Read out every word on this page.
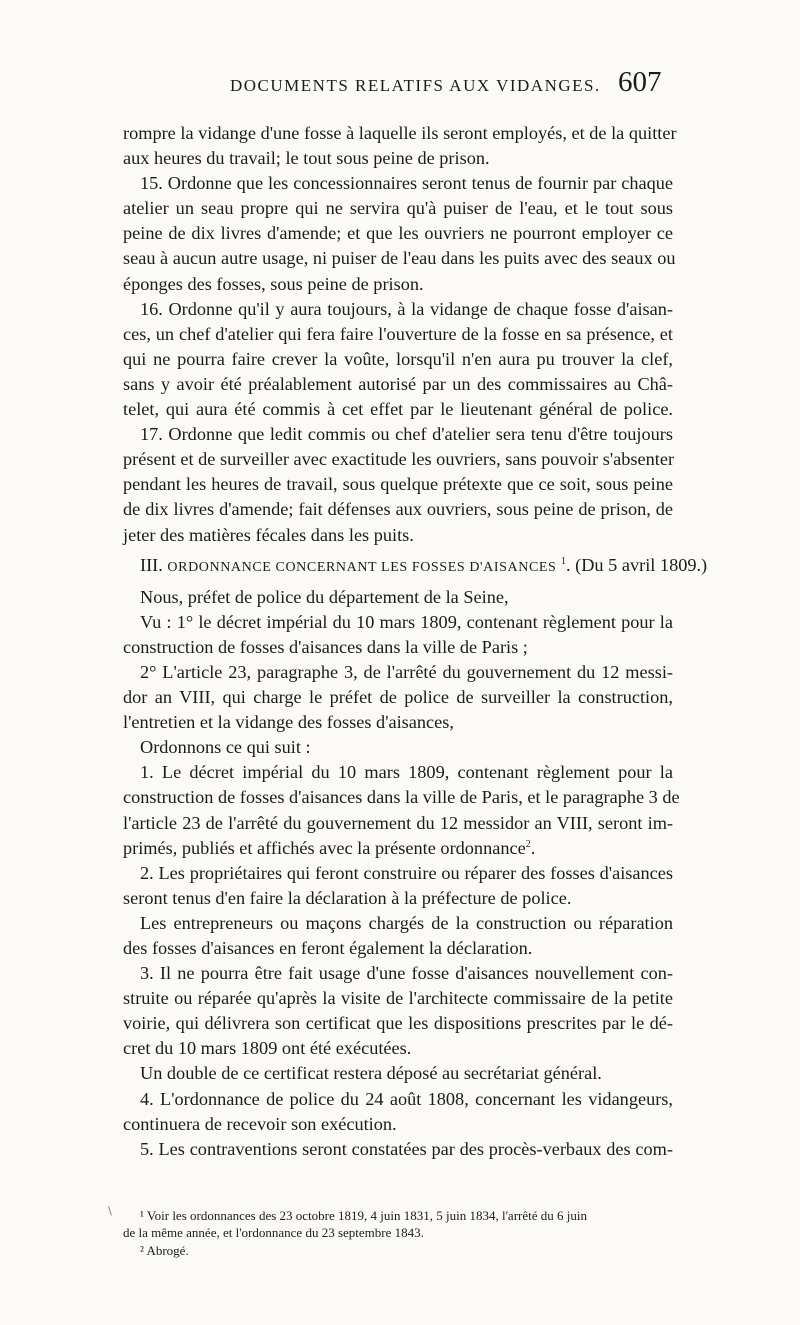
DOCUMENTS RELATIFS AUX VIDANGES. 607
rompre la vidange d'une fosse à laquelle ils seront employés, et de la quitter
aux heures du travail; le tout sous peine de prison.
15. Ordonne que les concessionnaires seront tenus de fournir par chaque
atelier un seau propre qui ne servira qu'à puiser de l'eau, et le tout sous
peine de dix livres d'amende; et que les ouvriers ne pourront employer ce
seau à aucun autre usage, ni puiser de l'eau dans les puits avec des seaux ou
éponges des fosses, sous peine de prison.
16. Ordonne qu'il y aura toujours, à la vidange de chaque fosse d'aisan-
ces, un chef d'atelier qui fera faire l'ouverture de la fosse en sa présence, et
qui ne pourra faire crever la voûte, lorsqu'il n'en aura pu trouver la clef,
sans y avoir été préalablement autorisé par un des commissaires au Châ-
telet, qui aura été commis à cet effet par le lieutenant général de police.
17. Ordonne que ledit commis ou chef d'atelier sera tenu d'être toujours
présent et de surveiller avec exactitude les ouvriers, sans pouvoir s'absenter
pendant les heures de travail, sous quelque prétexte que ce soit, sous peine
de dix livres d'amende; fait défenses aux ouvriers, sous peine de prison, de
jeter des matières fécales dans les puits.
III. ORDONNANCE CONCERNANT LES FOSSES D'AISANCES $^1$. (Du 5 avril 1809.)
Nous, préfet de police du département de la Seine,
Vu : 1° le décret impérial du 10 mars 1809, contenant règlement pour la
construction de fosses d'aisances dans la ville de Paris ;
2° L'article 23, paragraphe 3, de l'arrêté du gouvernement du 12 messi-
dor an VIII, qui charge le préfet de police de surveiller la construction,
l'entretien et la vidange des fosses d'aisances,
Ordonnons ce qui suit :
1. Le décret impérial du 10 mars 1809, contenant règlement pour la
construction de fosses d'aisances dans la ville de Paris, et le paragraphe 3 de
l'article 23 de l'arrêté du gouvernement du 12 messidor an VIII, seront im-
primés, publiés et affichés avec la présente ordonnance$^2$.
2. Les propriétaires qui feront construire ou réparer des fosses d'aisances
seront tenus d'en faire la déclaration à la préfecture de police.
Les entrepreneurs ou maçons chargés de la construction ou réparation
des fosses d'aisances en feront également la déclaration.
3. Il ne pourra être fait usage d'une fosse d'aisances nouvellement con-
struite ou réparée qu'après la visite de l'architecte commissaire de la petite
voirie, qui délivrera son certificat que les dispositions prescrites par le dé-
cret du 10 mars 1809 ont été exécutées.
Un double de ce certificat restera déposé au secrétariat général.
4. L'ordonnance de police du 24 août 1808, concernant les vidangeurs,
continuera de recevoir son exécution.
5. Les contraventions seront constatées par des procès-verbaux des com-
∖	¹ Voir les ordonnances des 23 octobre 1819, 4 juin 1831, 5 juin 1834, l'arrêté du 6 juin
de la même année, et l'ordonnance du 23 septembre 1843.
² Abrogé.
